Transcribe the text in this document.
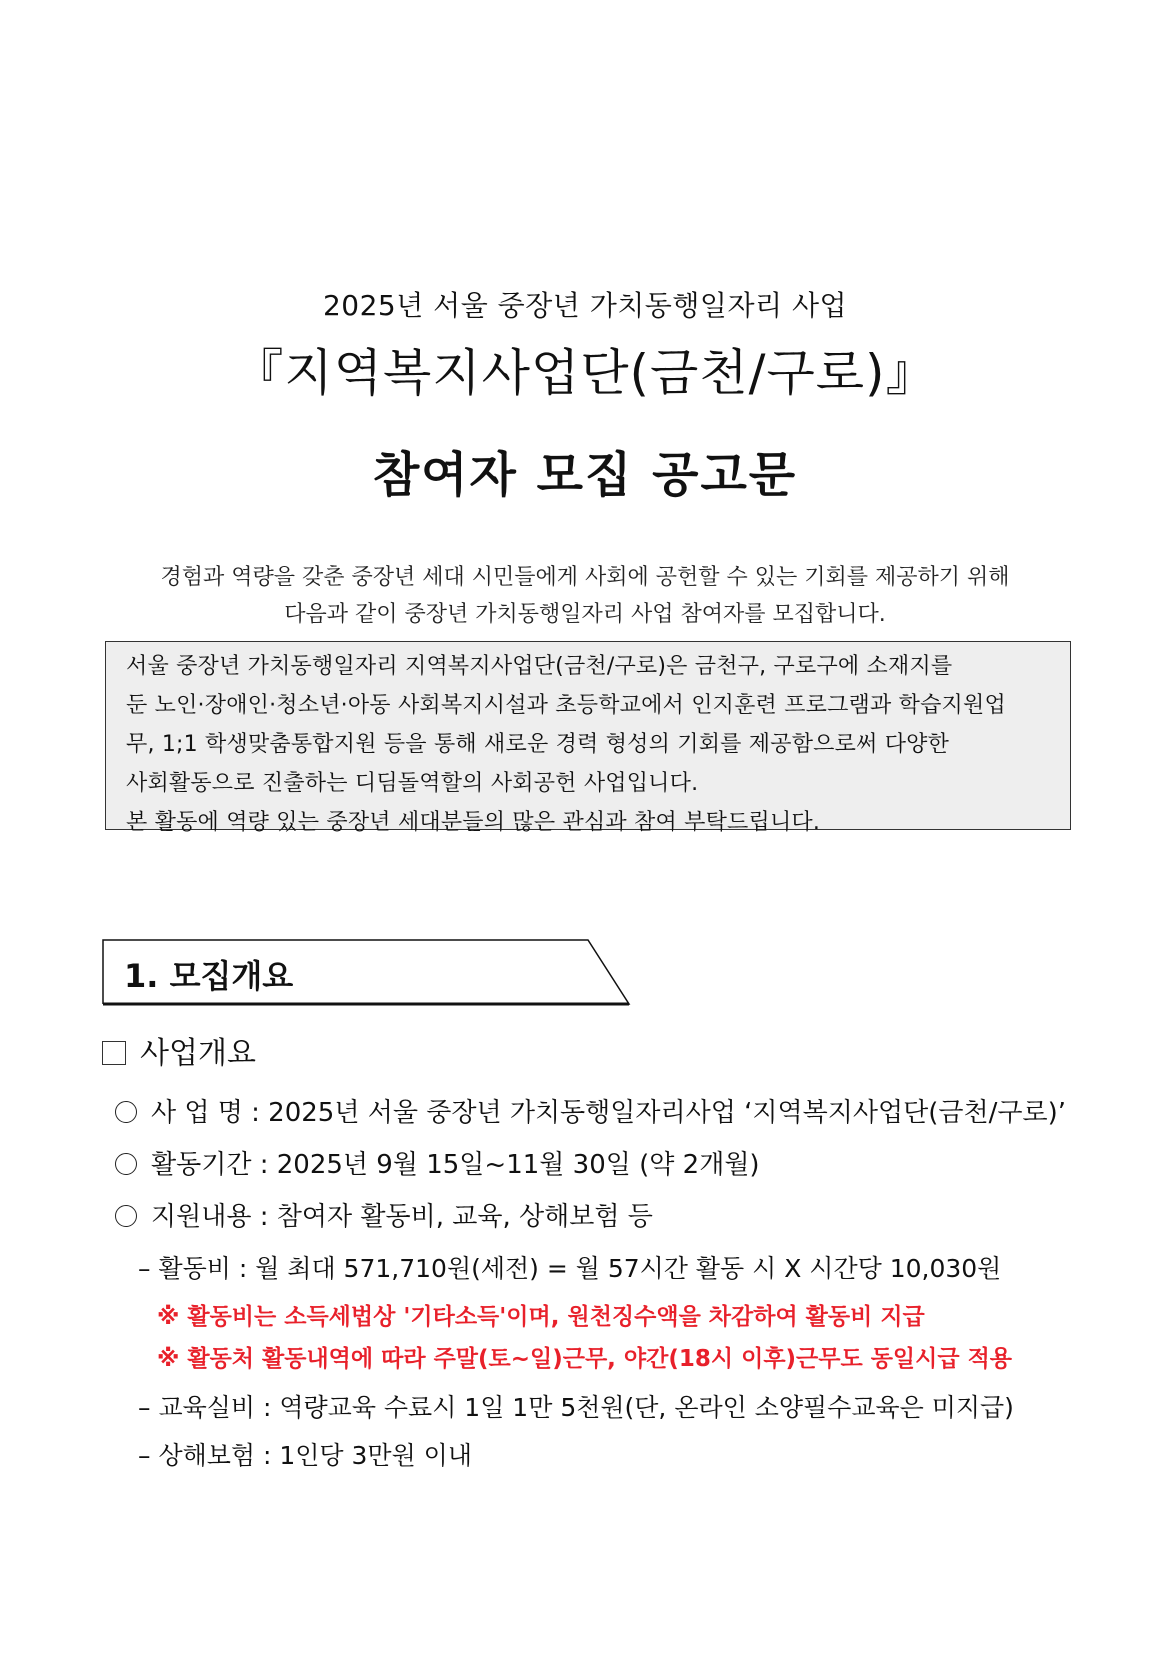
2025년 서울 중장년 가치동행일자리 사업
『지역복지사업단(금천/구로)』
참여자 모집 공고문
경험과 역량을 갖춘 중장년 세대 시민들에게 사회에 공헌할 수 있는 기회를 제공하기 위해
다음과 같이 중장년 가치동행일자리 사업 참여자를 모집합니다.
서울 중장년 가치동행일자리 지역복지사업단(금천/구로)은 금천구, 구로구에 소재지를
둔 노인·장애인·청소년·아동 사회복지시설과 초등학교에서 인지훈련 프로그램과 학습지원업
무, 1;1 학생맞춤통합지원 등을 통해 새로운 경력 형성의 기회를 제공함으로써 다양한
사회활동으로 진출하는 디딤돌역할의 사회공헌 사업입니다.
본 활동에 역량 있는 중장년 세대분들의 많은 관심과 참여 부탁드립니다.
1. 모집개요
사업개요
사 업 명 : 2025년 서울 중장년 가치동행일자리사업 ‘지역복지사업단(금천/구로)’
활동기간 : 2025년 9월 15일~11월 30일 (약 2개월)
지원내용 : 참여자 활동비, 교육, 상해보험 등
– 활동비 : 월 최대 571,710원(세전) = 월 57시간 활동 시 X 시간당 10,030원
※ 활동비는 소득세법상 '기타소득'이며, 원천징수액을 차감하여 활동비 지급
※ 활동처 활동내역에 따라 주말(토~일)근무, 야간(18시 이후)근무도 동일시급 적용
– 교육실비 : 역량교육 수료시 1일 1만 5천원(단, 온라인 소양필수교육은 미지급)
– 상해보험 : 1인당 3만원 이내
